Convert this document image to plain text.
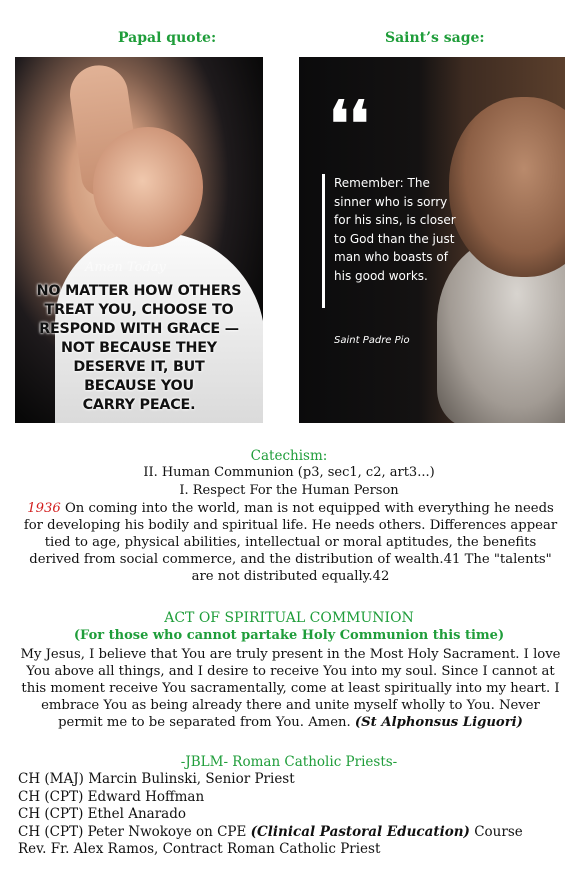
Papal quote:	Saint’s sage:
Amen Today
NO MATTER HOW OTHERS
TREAT YOU, CHOOSE TO
RESPOND WITH GRACE —
NOT BECAUSE THEY
DESERVE IT, BUT
BECAUSE YOU
CARRY PEACE.
❛❛
Remember: The
sinner who is sorry
for his sins, is closer
to God than the just
man who boasts of
his good works.
Saint Padre Pio
Catechism:
II. Human Communion (p3, sec1, c2, art3...)
I. Respect For the Human Person
1936 On coming into the world, man is not equipped with everything he needs for developing his bodily and spiritual life. He needs others. Differences appear tied to age, physical abilities, intellectual or moral aptitudes, the benefits derived from social commerce, and the distribution of wealth.41 The "talents" are not distributed equally.42
ACT OF SPIRITUAL COMMUNION
(For those who cannot partake Holy Communion this time)
My Jesus, I believe that You are truly present in the Most Holy Sacrament. I love You above all things, and I desire to receive You into my soul. Since I cannot at this moment receive You sacramentally, come at least spiritually into my heart. I embrace You as being already there and unite myself wholly to You. Never permit me to be separated from You. Amen. (St Alphonsus Liguori)
-JBLM- Roman Catholic Priests-
CH (MAJ) Marcin Bulinski, Senior Priest
CH (CPT) Edward Hoffman
CH (CPT) Ethel Anarado
CH (CPT) Peter Nwokoye on CPE (Clinical Pastoral Education) Course
Rev. Fr. Alex Ramos, Contract Roman Catholic Priest
